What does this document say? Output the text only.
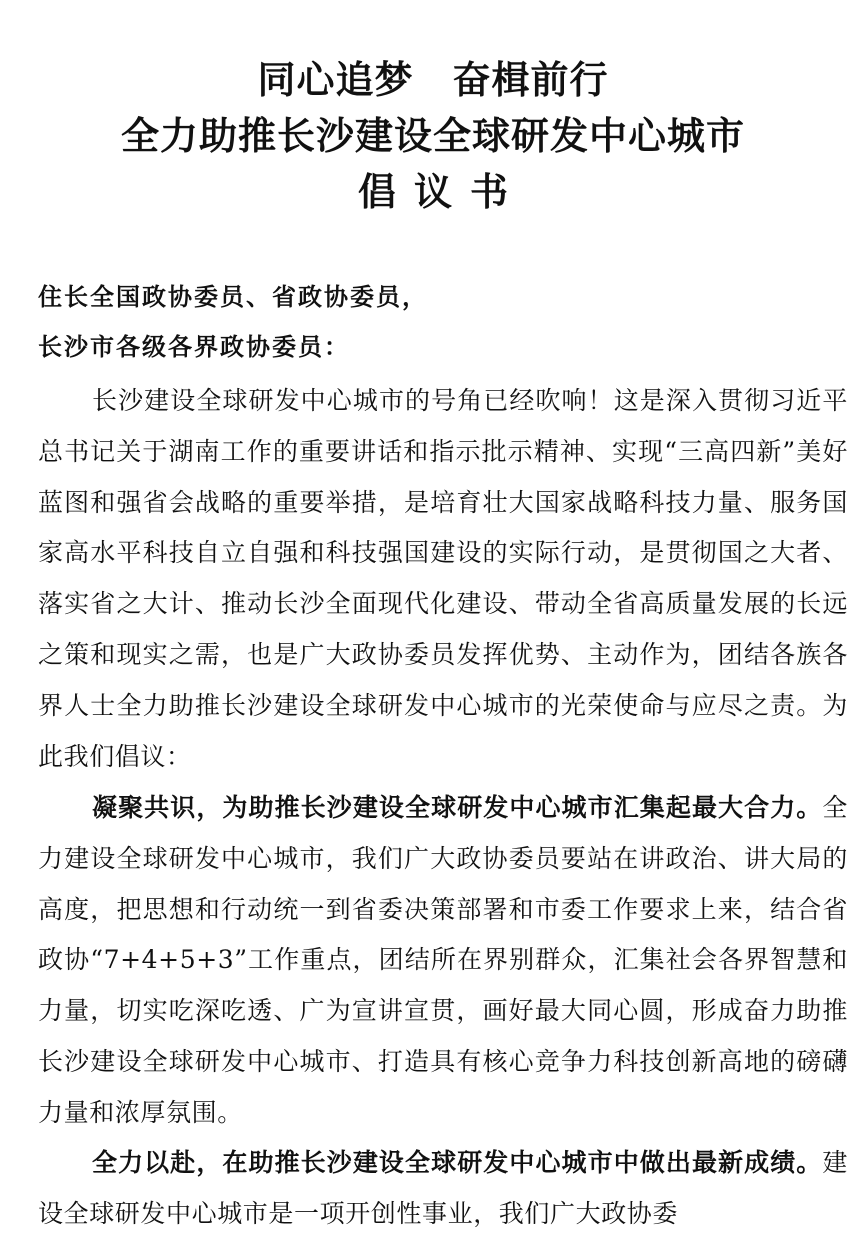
同心追梦　奋楫前行
全力助推长沙建设全球研发中心城市
倡议书
住长全国政协委员、省政协委员，
长沙市各级各界政协委员：

长沙建设全球研发中心城市的号角已经吹响！这是深入贯彻习近平总书记关于湖南工作的重要讲话和指示批示精神、实现“三高四新”美好蓝图和强省会战略的重要举措，是培育壮大国家战略科技力量、服务国家高水平科技自立自强和科技强国建设的实际行动，是贯彻国之大者、落实省之大计、推动长沙全面现代化建设、带动全省高质量发展的长远之策和现实之需，也是广大政协委员发挥优势、主动作为，团结各族各界人士全力助推长沙建设全球研发中心城市的光荣使命与应尽之责。为此我们倡议：

凝聚共识，为助推长沙建设全球研发中心城市汇集起最大合力。全力建设全球研发中心城市，我们广大政协委员要站在讲政治、讲大局的高度，把思想和行动统一到省委决策部署和市委工作要求上来，结合省政协“7+4+5+3”工作重点，团结所在界别群众，汇集社会各界智慧和力量，切实吃深吃透、广为宣讲宣贯，画好最大同心圆，形成奋力助推长沙建设全球研发中心城市、打造具有核心竞争力科技创新高地的磅礴力量和浓厚氛围。

全力以赴，在助推长沙建设全球研发中心城市中做出最新成绩。建设全球研发中心城市是一项开创性事业，我们广大政协委
